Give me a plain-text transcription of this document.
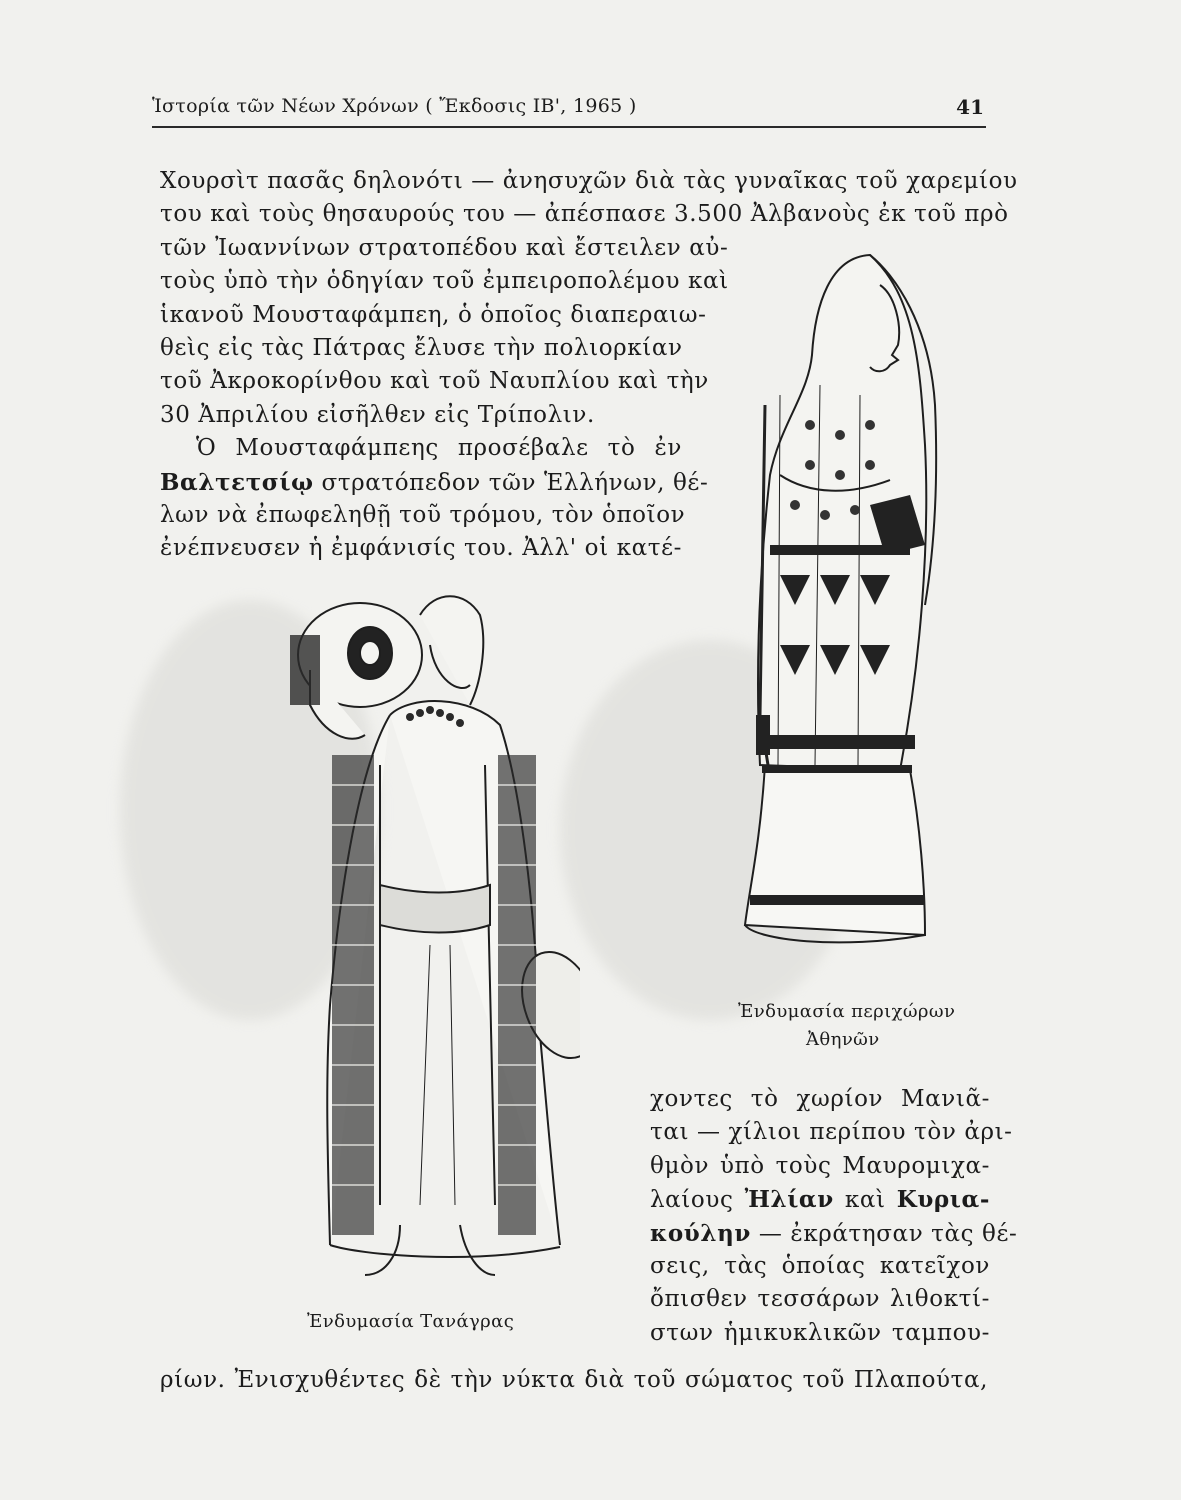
Ἱστορία τῶν Νέων Χρόνων ( Ἔκδοσις ΙΒ', 1965 )	41
Χουρσὶτ πασᾶς δηλονότι — ἀνησυχῶν διὰ τὰς γυναῖκας τοῦ χαρεμίου
του καὶ τοὺς θησαυρούς του — ἀπέσπασε 3.500 Ἀλβανοὺς ἐκ τοῦ πρὸ
τῶν Ἰωαννίνων στρατοπέδου καὶ ἔστειλεν αὐ-
τοὺς ὑπὸ τὴν ὁδηγίαν τοῦ ἐμπειροπολέμου καὶ
ἱκανοῦ Μουσταφάμπεη, ὁ ὁποῖος διαπεραιω-
θεὶς εἰς τὰς Πάτρας ἔλυσε τὴν πολιορκίαν
τοῦ Ἀκροκορίνθου καὶ τοῦ Ναυπλίου καὶ τὴν
30 Ἀπριλίου εἰσῆλθεν εἰς Τρίπολιν.
Ὁ Μουσταφάμπεης προσέβαλε τὸ ἐν
Βαλτετσίῳ στρατόπεδον τῶν Ἑλλήνων, θέ-
λων νὰ ἐπωφεληθῇ τοῦ τρόμου, τὸν ὁποῖον
ἐνέπνευσεν ἡ ἐμφάνισίς του. Ἀλλ' οἱ κατέ-
Ἐνδυμασία περιχώρων
Ἀθηνῶν
Ἐνδυμασία Τανάγρας
χοντες τὸ χωρίον Μανιᾶ-
ται — χίλιοι περίπου τὸν ἀρι-
θμὸν ὑπὸ τοὺς Μαυρομιχα-
λαίους Ἠλίαν καὶ Κυρια-
κούλην — ἐκράτησαν τὰς θέ-
σεις, τὰς ὁποίας κατεῖχον
ὄπισθεν τεσσάρων λιθοκτί-
στων ἡμικυκλικῶν ταμπου-
ρίων. Ἐνισχυθέντες δὲ τὴν νύκτα διὰ τοῦ σώματος τοῦ Πλαπούτα,
